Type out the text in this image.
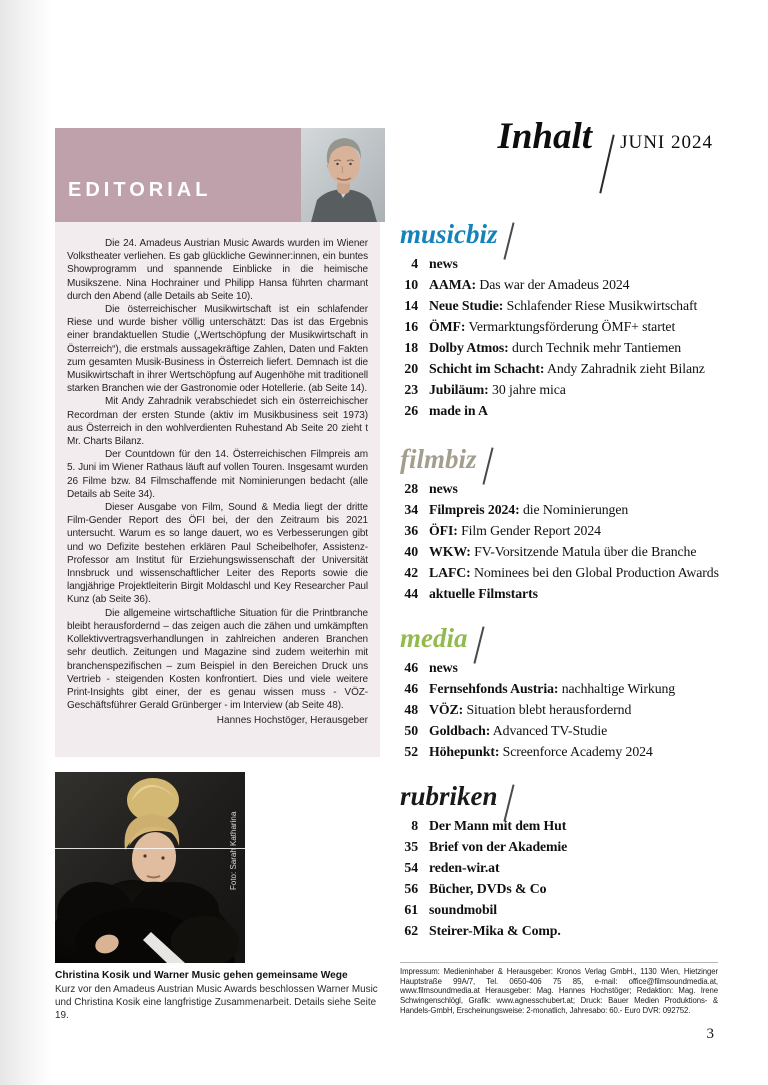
EDITORIAL

Die 24. Amadeus Austrian Music Awards wurden im Wiener Volkstheater verliehen. Es gab glückliche Gewinner:innen, ein buntes Showprogramm und spannende Einblicke in die heimische Musikszene. Nina Hochrainer und Philipp Hansa führten charmant durch den Abend (alle Details ab Seite 10).

Die österreichischer Musikwirtschaft ist ein schlafender Riese und wurde bisher völlig unterschätzt: Das ist das Ergebnis einer brandaktuellen Studie („Wertschöpfung der Musikwirtschaft in Österreich“), die erstmals aussagekräftige Zahlen, Daten und Fakten zum gesamten Musik-Business in Österreich liefert. Demnach ist die Musikwirtschaft in ihrer Wertschöpfung auf Augenhöhe mit traditionell starken Branchen wie der Gastronomie oder Hotellerie. (ab Seite 14).

Mit Andy Zahradnik verabschiedet sich ein österreichischer Recordman der ersten Stunde (aktiv im Musikbusiness seit 1973) aus Österreich in den wohlverdienten Ruhestand Ab Seite 20 zieht t Mr. Charts Bilanz.

Der Countdown für den 14. Österreichischen Filmpreis am 5. Juni im Wiener Rathaus läuft auf vollen Touren. Insgesamt wurden 26 Filme bzw. 84 Filmschaffende mit Nominierungen bedacht (alle Details ab Seite 34).

Dieser Ausgabe von Film, Sound & Media liegt der dritte Film-Gender Report des ÖFI bei, der den Zeitraum bis 2021 untersucht. Warum es so lange dauert, wo es Verbesserungen gibt und wo Defizite bestehen erklären Paul Scheibelhofer, Assistenz-Professor am Institut für Erziehungswissenschaft der Universität Innsbruck und wissenschaftlicher Leiter des Reports sowie die langjährige Projektleiterin Birgit Moldaschl und Key Researcher Paul Kunz (ab Seite 36).

Die allgemeine wirtschaftliche Situation für die Printbranche bleibt herausfordernd – das zeigen auch die zähen und umkämpften Kollektivvertragsverhandlungen in zahlreichen anderen Branchen sehr deutlich. Zeitungen und Magazine sind zudem weiterhin mit branchenspezifischen – zum Beispiel in den Bereichen Druck uns Vertrieb - steigenden Kosten konfrontiert. Dies und viele weitere Print-Insights gibt einer, der es genau wissen muss - VÖZ-Geschäftsführer Gerald Grünberger - im Interview (ab Seite 48).

Hannes Hochstöger, Herausgeber
Foto: Sarah Katharina
Christina Kosik und Warner Music gehen gemeinsame Wege
Kurz vor den Amadeus Austrian Music Awards beschlossen Warner Music und Christina Kosik eine langfristige Zusammenarbeit. Details siehe Seite 19.
Inhalt JUNI 2024
musicbiz
4 news
10 AAMA: Das war der Amadeus 2024
14 Neue Studie: Schlafender Riese Musikwirtschaft
16 ÖMF: Vermarktungsförderung ÖMF+ startet
18 Dolby Atmos: durch Technik mehr Tantiemen
20 Schicht im Schacht: Andy Zahradnik zieht Bilanz
23 Jubiläum: 30 jahre mica
26 made in A
filmbiz
28 news
34 Filmpreis 2024: die Nominierungen
36 ÖFI: Film Gender Report 2024
40 WKW: FV-Vorsitzende Matula über die Branche
42 LAFC: Nominees bei den Global Production Awards
44 aktuelle Filmstarts
media
46 news
46 Fernsehfonds Austria: nachhaltige Wirkung
48 VÖZ: Situation blebt herausfordernd
50 Goldbach: Advanced TV-Studie
52 Höhepunkt: Screenforce Academy 2024
rubriken
8 Der Mann mit dem Hut
35 Brief von der Akademie
54 reden-wir.at
56 Bücher, DVDs & Co
61 soundmobil
62 Steirer-Mika & Comp.
Impressum: Medieninhaber & Herausgeber: Kronos Verlag GmbH., 1130 Wien, Hietzinger Hauptstraße 99A/7, Tel. 0650-406 75 85, e-mail: office@filmsoundmedia.at, www.filmsoundmedia.at Herausgeber: Mag. Hannes Hochstöger; Redaktion: Mag. Irene Schwingenschlögl, Grafik: www.agnesschubert.at; Druck: Bauer Medien Produktions- & Handels-GmbH, Erscheinungsweise: 2-monatlich, Jahresabo: 60.- Euro DVR: 092752.
3
